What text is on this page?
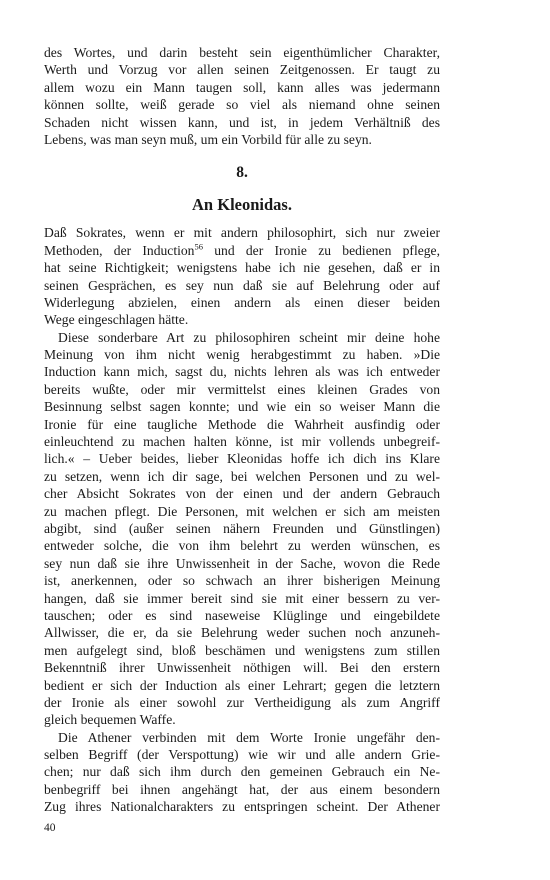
des Wortes, und darin besteht sein eigenthümlicher Charakter,
Werth und Vorzug vor allen seinen Zeitgenossen. Er taugt zu
allem wozu ein Mann taugen soll, kann alles was jedermann
können sollte, weiß gerade so viel als niemand ohne seinen
Schaden nicht wissen kann, und ist, in jedem Verhältniß des
Lebens, was man seyn muß, um ein Vorbild für alle zu seyn.
8.
An Kleonidas.
Daß Sokrates, wenn er mit andern philosophirt, sich nur zweier
Methoden, der Induction$^{56}$ und der Ironie zu bedienen pflege,
hat seine Richtigkeit; wenigstens habe ich nie gesehen, daß er in
seinen Gesprächen, es sey nun daß sie auf Belehrung oder auf
Widerlegung abzielen, einen andern als einen dieser beiden
Wege eingeschlagen hätte.
Diese sonderbare Art zu philosophiren scheint mir deine hohe
Meinung von ihm nicht wenig herabgestimmt zu haben. »Die
Induction kann mich, sagst du, nichts lehren als was ich entweder
bereits wußte, oder mir vermittelst eines kleinen Grades von
Besinnung selbst sagen konnte; und wie ein so weiser Mann die
Ironie für eine taugliche Methode die Wahrheit ausfindig oder
einleuchtend zu machen halten könne, ist mir vollends unbegreif-
lich.« – Ueber beides, lieber Kleonidas hoffe ich dich ins Klare
zu setzen, wenn ich dir sage, bei welchen Personen und zu wel-
cher Absicht Sokrates von der einen und der andern Gebrauch
zu machen pflegt. Die Personen, mit welchen er sich am meisten
abgibt, sind (außer seinen nähern Freunden und Günstlingen)
entweder solche, die von ihm belehrt zu werden wünschen, es
sey nun daß sie ihre Unwissenheit in der Sache, wovon die Rede
ist, anerkennen, oder so schwach an ihrer bisherigen Meinung
hangen, daß sie immer bereit sind sie mit einer bessern zu ver-
tauschen; oder es sind naseweise Klüglinge und eingebildete
Allwisser, die er, da sie Belehrung weder suchen noch anzuneh-
men aufgelegt sind, bloß beschämen und wenigstens zum stillen
Bekenntniß ihrer Unwissenheit nöthigen will. Bei den erstern
bedient er sich der Induction als einer Lehrart; gegen die letztern
der Ironie als einer sowohl zur Vertheidigung als zum Angriff
gleich bequemen Waffe.
Die Athener verbinden mit dem Worte Ironie ungefähr den-
selben Begriff (der Verspottung) wie wir und alle andern Grie-
chen; nur daß sich ihm durch den gemeinen Gebrauch ein Ne-
benbegriff bei ihnen angehängt hat, der aus einem besondern
Zug ihres Nationalcharakters zu entspringen scheint. Der Athener
40
